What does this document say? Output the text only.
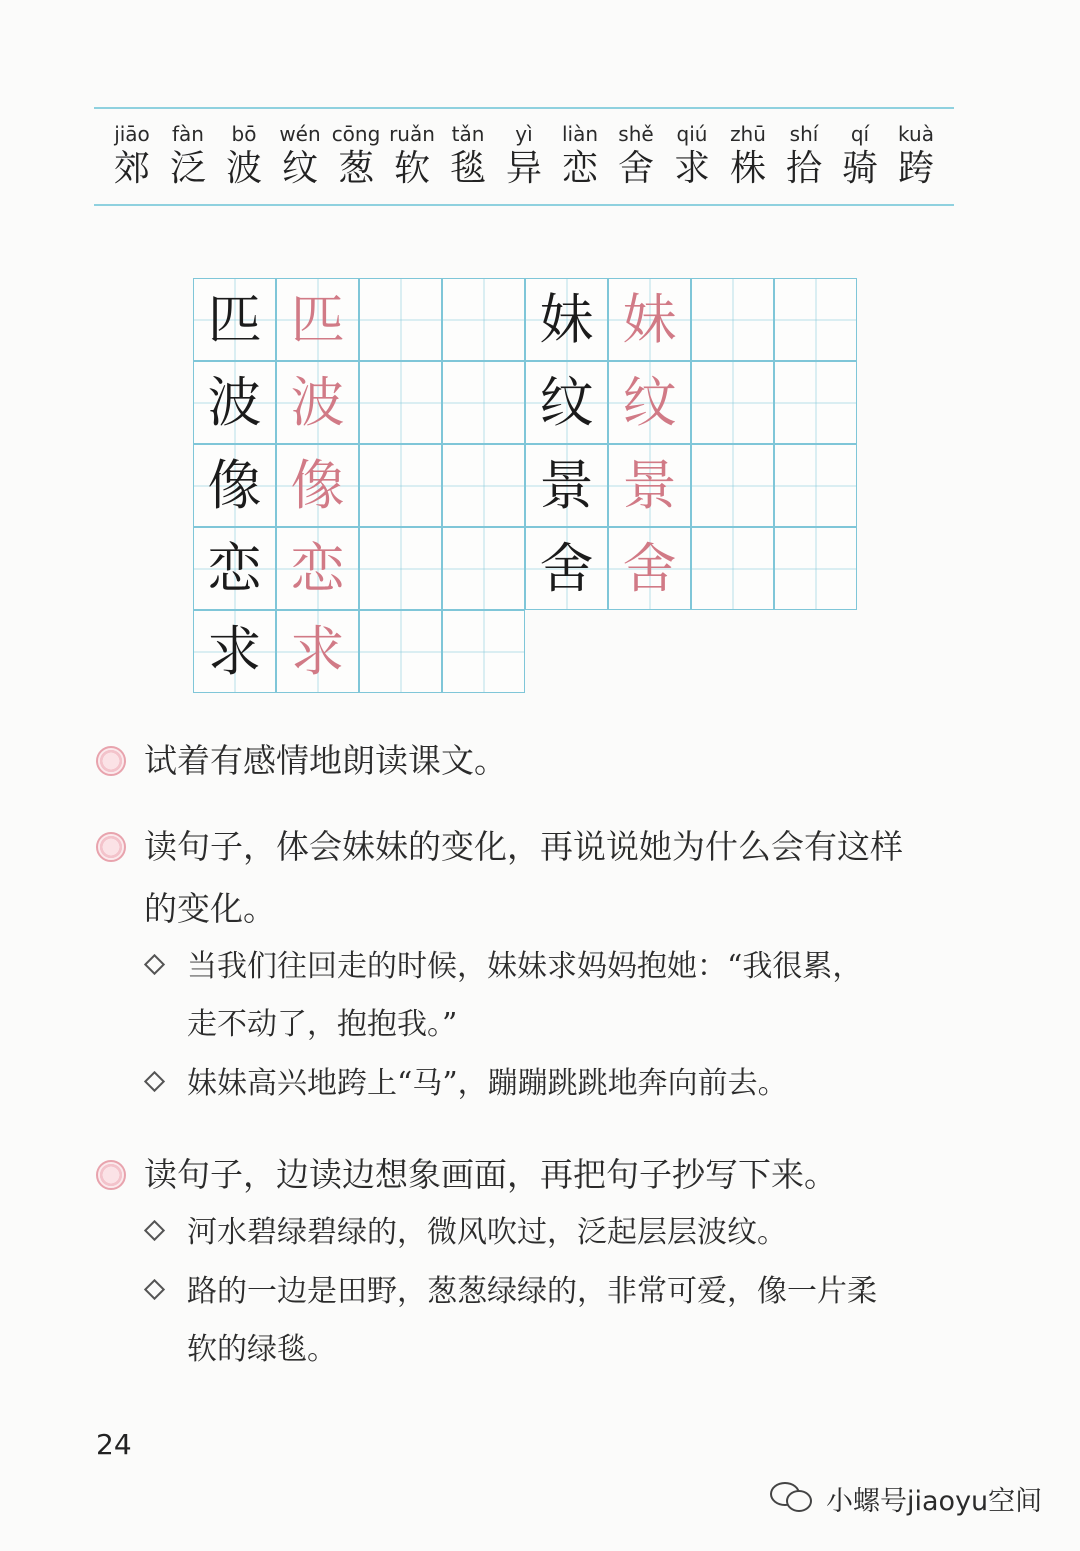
jiāo
郊
fàn
泛
bō
波
wén
纹
cōng
葱
ruǎn
软
tǎn
毯
yì
异
liàn
恋
shě
舍
qiú
求
zhū
株
shí
拾
qí
骑
kuà
跨
匹 匹
波 波
像 像
恋 恋
求 求
妹 妹
纹 纹
景 景
舍 舍
试着有感情地朗读课文。
读句子，体会妹妹的变化，再说说她为什么会有这样
的变化。
当我们往回走的时候，妹妹求妈妈抱她：“我很累，
走不动了，抱抱我。”
妹妹高兴地跨上“马”，蹦蹦跳跳地奔向前去。
读句子，边读边想象画面，再把句子抄写下来。
河水碧绿碧绿的，微风吹过，泛起层层波纹。
路的一边是田野，葱葱绿绿的，非常可爱，像一片柔
软的绿毯。
24
小螺号jiaoyu空间
